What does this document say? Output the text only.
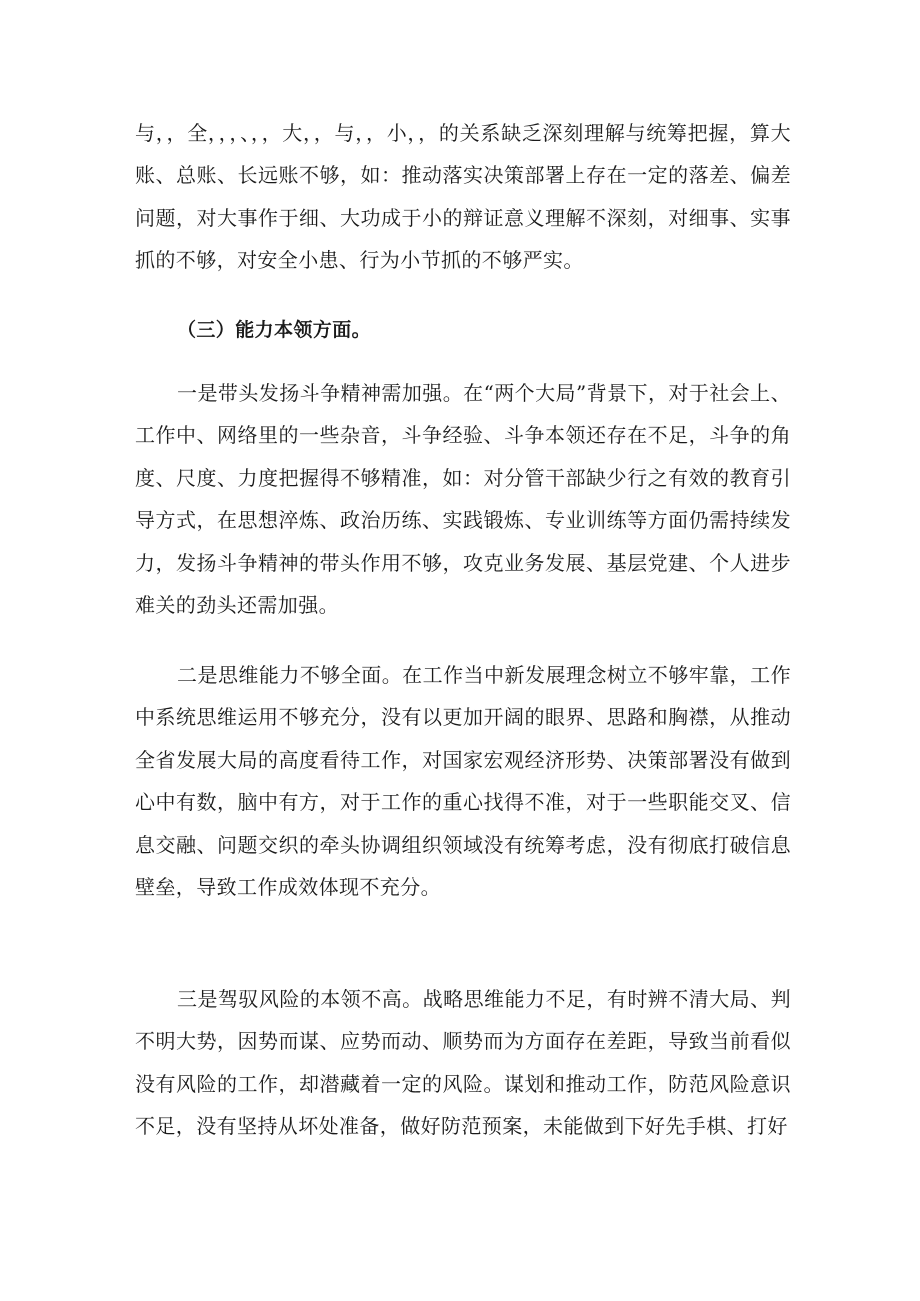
与，，全，，，、，，大，，与，，小，，的关系缺乏深刻理解与统筹把握，算大账、总账、长远账不够，如：推动落实决策部署上存在一定的落差、偏差问题，对大事作于细、大功成于小的辩证意义理解不深刻，对细事、实事抓的不够，对安全小患、行为小节抓的不够严实。

（三）能力本领方面。

一是带头发扬斗争精神需加强。在“两个大局”背景下，对于社会上、工作中、网络里的一些杂音，斗争经验、斗争本领还存在不足，斗争的角度、尺度、力度把握得不够精准，如：对分管干部缺少行之有效的教育引导方式，在思想淬炼、政治历练、实践锻炼、专业训练等方面仍需持续发力，发扬斗争精神的带头作用不够，攻克业务发展、基层党建、个人进步难关的劲头还需加强。

二是思维能力不够全面。在工作当中新发展理念树立不够牢靠，工作中系统思维运用不够充分，没有以更加开阔的眼界、思路和胸襟，从推动全省发展大局的高度看待工作，对国家宏观经济形势、决策部署没有做到心中有数，脑中有方，对于工作的重心找得不准，对于一些职能交叉、信息交融、问题交织的牵头协调组织领域没有统筹考虑，没有彻底打破信息壁垒，导致工作成效体现不充分。

三是驾驭风险的本领不高。战略思维能力不足，有时辨不清大局、判不明大势，因势而谋、应势而动、顺势而为方面存在差距，导致当前看似没有风险的工作，却潜藏着一定的风险。谋划和推动工作，防范风险意识不足，没有坚持从坏处准备，做好防范预案，未能做到下好先手棋、打好
